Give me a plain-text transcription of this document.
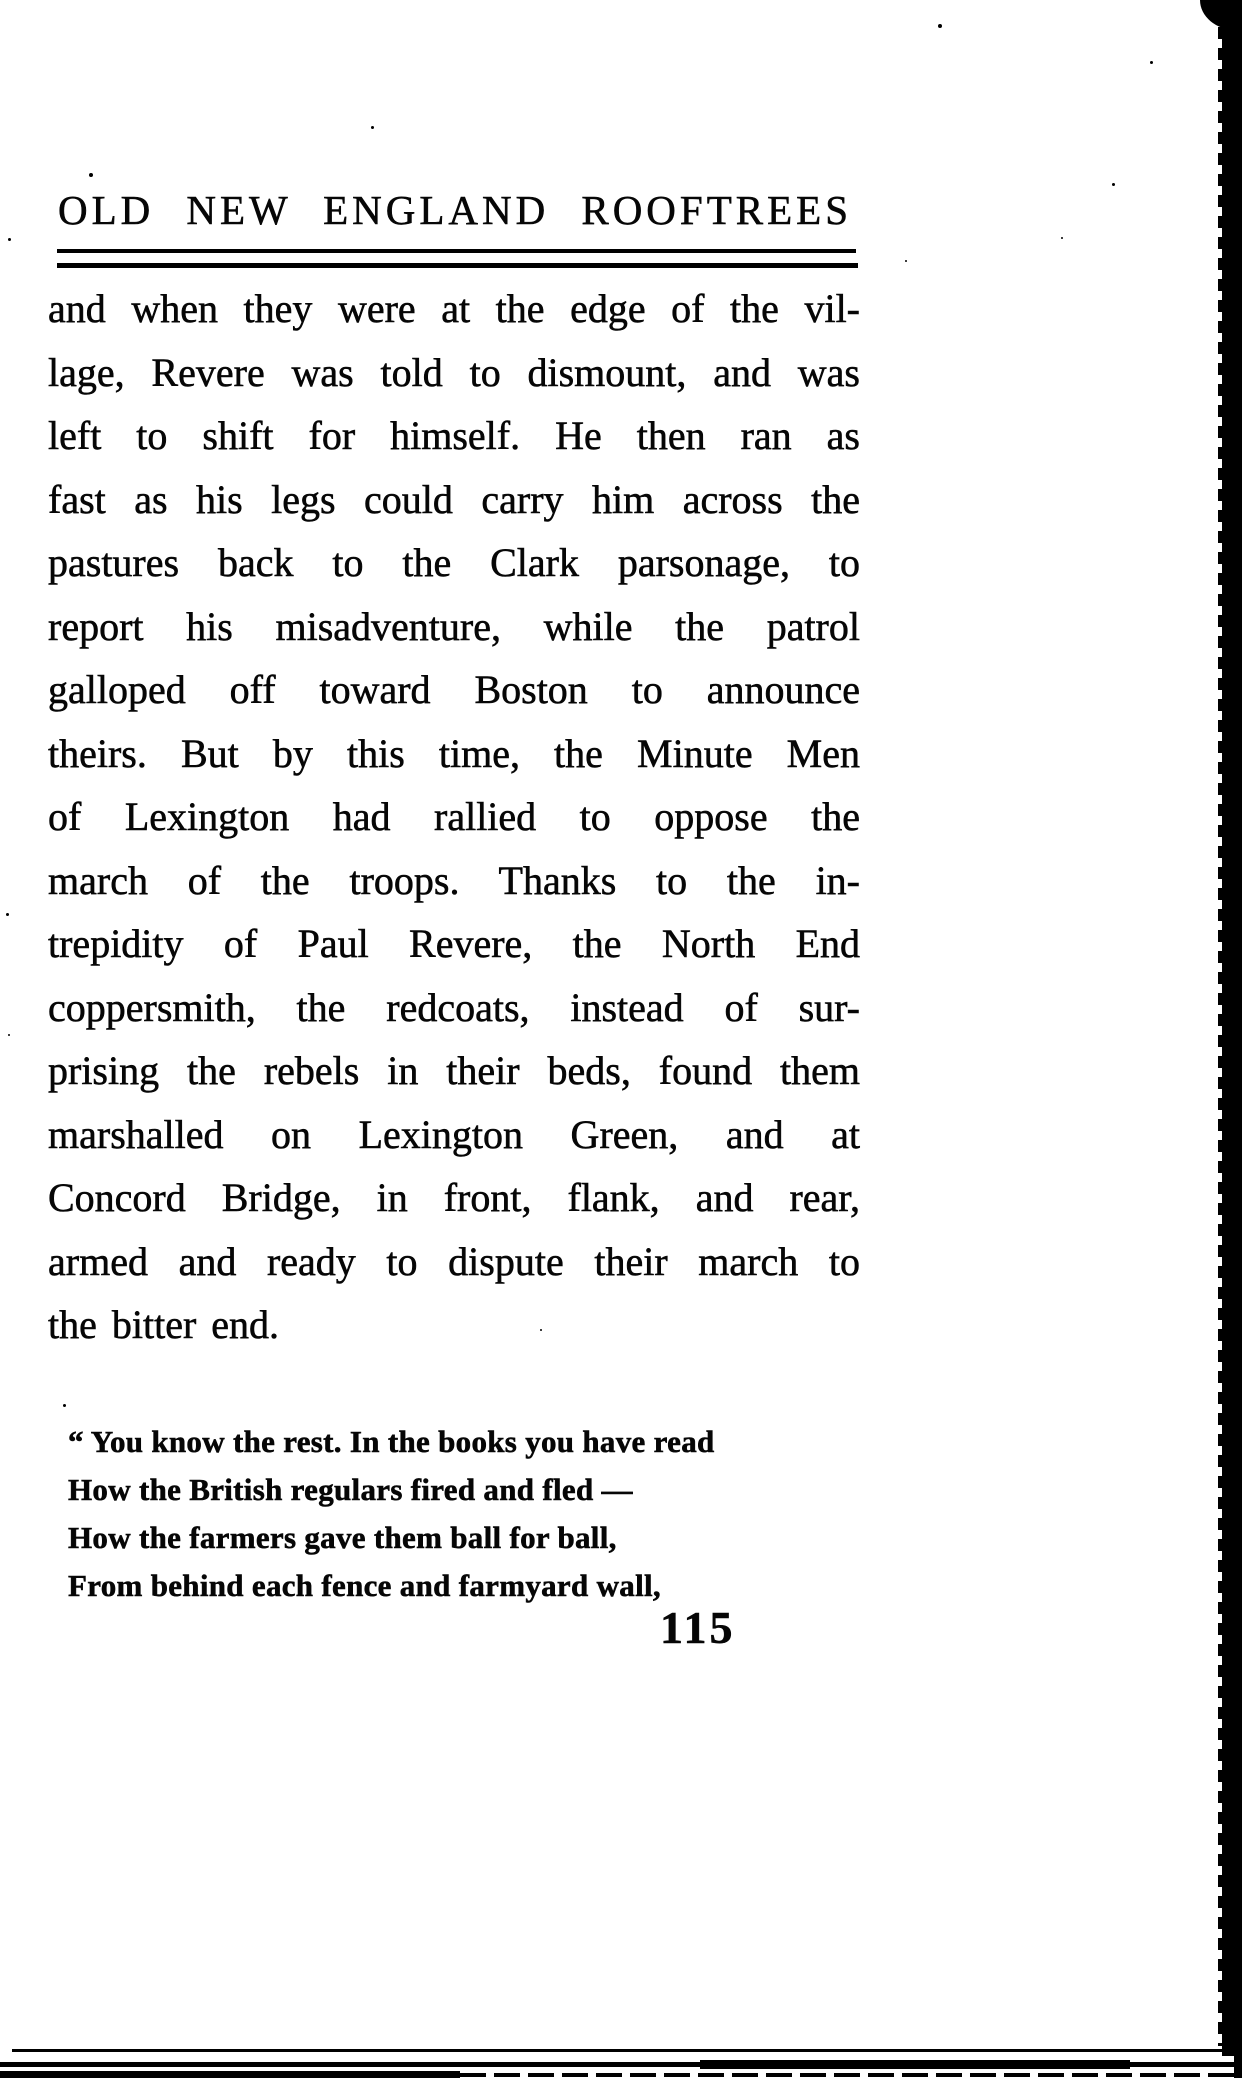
OLD NEW ENGLAND ROOFTREES
and when they were at the edge of the vil-
lage, Revere was told to dismount, and was
left to shift for himself. He then ran as
fast as his legs could carry him across the
pastures back to the Clark parsonage, to
report his misadventure, while the patrol
galloped off toward Boston to announce
theirs. But by this time, the Minute Men
of Lexington had rallied to oppose the
march of the troops. Thanks to the in-
trepidity of Paul Revere, the North End
coppersmith, the redcoats, instead of sur-
prising the rebels in their beds, found them
marshalled on Lexington Green, and at
Concord Bridge, in front, flank, and rear,
armed and ready to dispute their march to
the bitter end.
“ You know the rest. In the books you have read
How the British regulars fired and fled —
How the farmers gave them ball for ball,
From behind each fence and farmyard wall,
115
